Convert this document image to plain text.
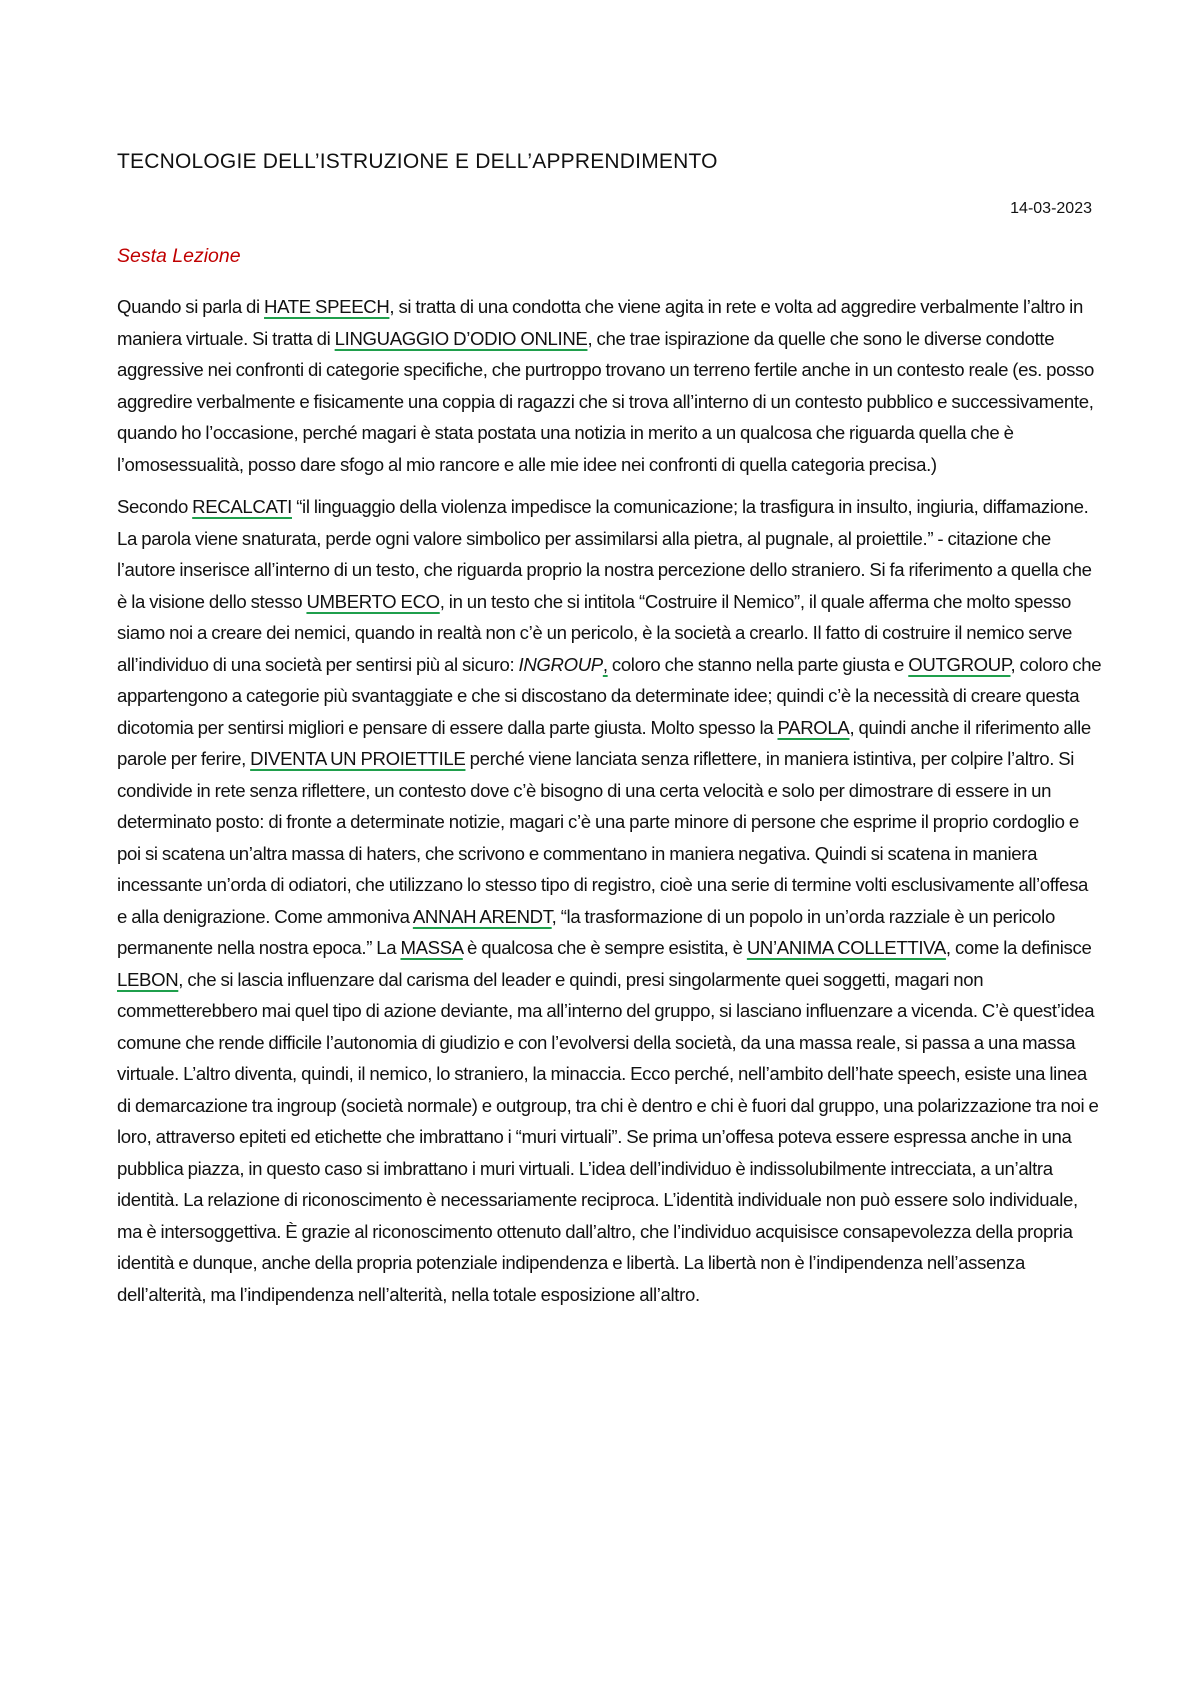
TECNOLOGIE DELL’ISTRUZIONE E DELL’APPRENDIMENTO
14-03-2023
Sesta Lezione

Quando si parla di HATE SPEECH, si tratta di una condotta che viene agita in rete e volta ad aggredire verbalmente l’altro in maniera virtuale. Si tratta di LINGUAGGIO D’ODIO ONLINE, che trae ispirazione da quelle che sono le diverse condotte aggressive nei confronti di categorie specifiche, che purtroppo trovano un terreno fertile anche in un contesto reale (es. posso aggredire verbalmente e fisicamente una coppia di ragazzi che si trova all’interno di un contesto pubblico e successivamente, quando ho l’occasione, perché magari è stata postata una notizia in merito a un qualcosa che riguarda quella che è l’omosessualità, posso dare sfogo al mio rancore e alle mie idee nei confronti di quella categoria precisa.)

Secondo RECALCATI “il linguaggio della violenza impedisce la comunicazione; la trasfigura in insulto, ingiuria, diffamazione. La parola viene snaturata, perde ogni valore simbolico per assimilarsi alla pietra, al pugnale, al proiettile.” - citazione che l’autore inserisce all’interno di un testo, che riguarda proprio la nostra percezione dello straniero. Si fa riferimento a quella che è la visione dello stesso UMBERTO ECO, in un testo che si intitola “Costruire il Nemico”, il quale afferma che molto spesso siamo noi a creare dei nemici, quando in realtà non c’è un pericolo, è la società a crearlo. Il fatto di costruire il nemico serve all’individuo di una società per sentirsi più al sicuro: INGROUP, coloro che stanno nella parte giusta e OUTGROUP, coloro che appartengono a categorie più svantaggiate e che si discostano da determinate idee; quindi c’è la necessità di creare questa dicotomia per sentirsi migliori e pensare di essere dalla parte giusta. Molto spesso la PAROLA, quindi anche il riferimento alle parole per ferire, DIVENTA UN PROIETTILE perché viene lanciata senza riflettere, in maniera istintiva, per colpire l’altro. Si condivide in rete senza riflettere, un contesto dove c’è bisogno di una certa velocità e solo per dimostrare di essere in un determinato posto: di fronte a determinate notizie, magari c’è una parte minore di persone che esprime il proprio cordoglio e poi si scatena un’altra massa di haters, che scrivono e commentano in maniera negativa. Quindi si scatena in maniera incessante un’orda di odiatori, che utilizzano lo stesso tipo di registro, cioè una serie di termine volti esclusivamente all’offesa e alla denigrazione. Come ammoniva ANNAH ARENDT, “la trasformazione di un popolo in un’orda razziale è un pericolo permanente nella nostra epoca.” La MASSA è qualcosa che è sempre esistita, è UN’ANIMA COLLETTIVA, come la definisce LEBON, che si lascia influenzare dal carisma del leader e quindi, presi singolarmente quei soggetti, magari non commetterebbero mai quel tipo di azione deviante, ma all’interno del gruppo, si lasciano influenzare a vicenda. C’è quest’idea comune che rende difficile l’autonomia di giudizio e con l’evolversi della società, da una massa reale, si passa a una massa virtuale. L’altro diventa, quindi, il nemico, lo straniero, la minaccia. Ecco perché, nell’ambito dell’hate speech, esiste una linea di demarcazione tra ingroup (società normale) e outgroup, tra chi è dentro e chi è fuori dal gruppo, una polarizzazione tra noi e loro, attraverso epiteti ed etichette che imbrattano i “muri virtuali”. Se prima un’offesa poteva essere espressa anche in una pubblica piazza, in questo caso si imbrattano i muri virtuali. L’idea dell’individuo è indissolubilmente intrecciata, a un’altra identità. La relazione di riconoscimento è necessariamente reciproca. L’identità individuale non può essere solo individuale, ma è intersoggettiva. È grazie al riconoscimento ottenuto dall’altro, che l’individuo acquisisce consapevolezza della propria identità e dunque, anche della propria potenziale indipendenza e libertà. La libertà non è l’indipendenza nell’assenza dell’alterità, ma l’indipendenza nell’alterità, nella totale esposizione all’altro.
